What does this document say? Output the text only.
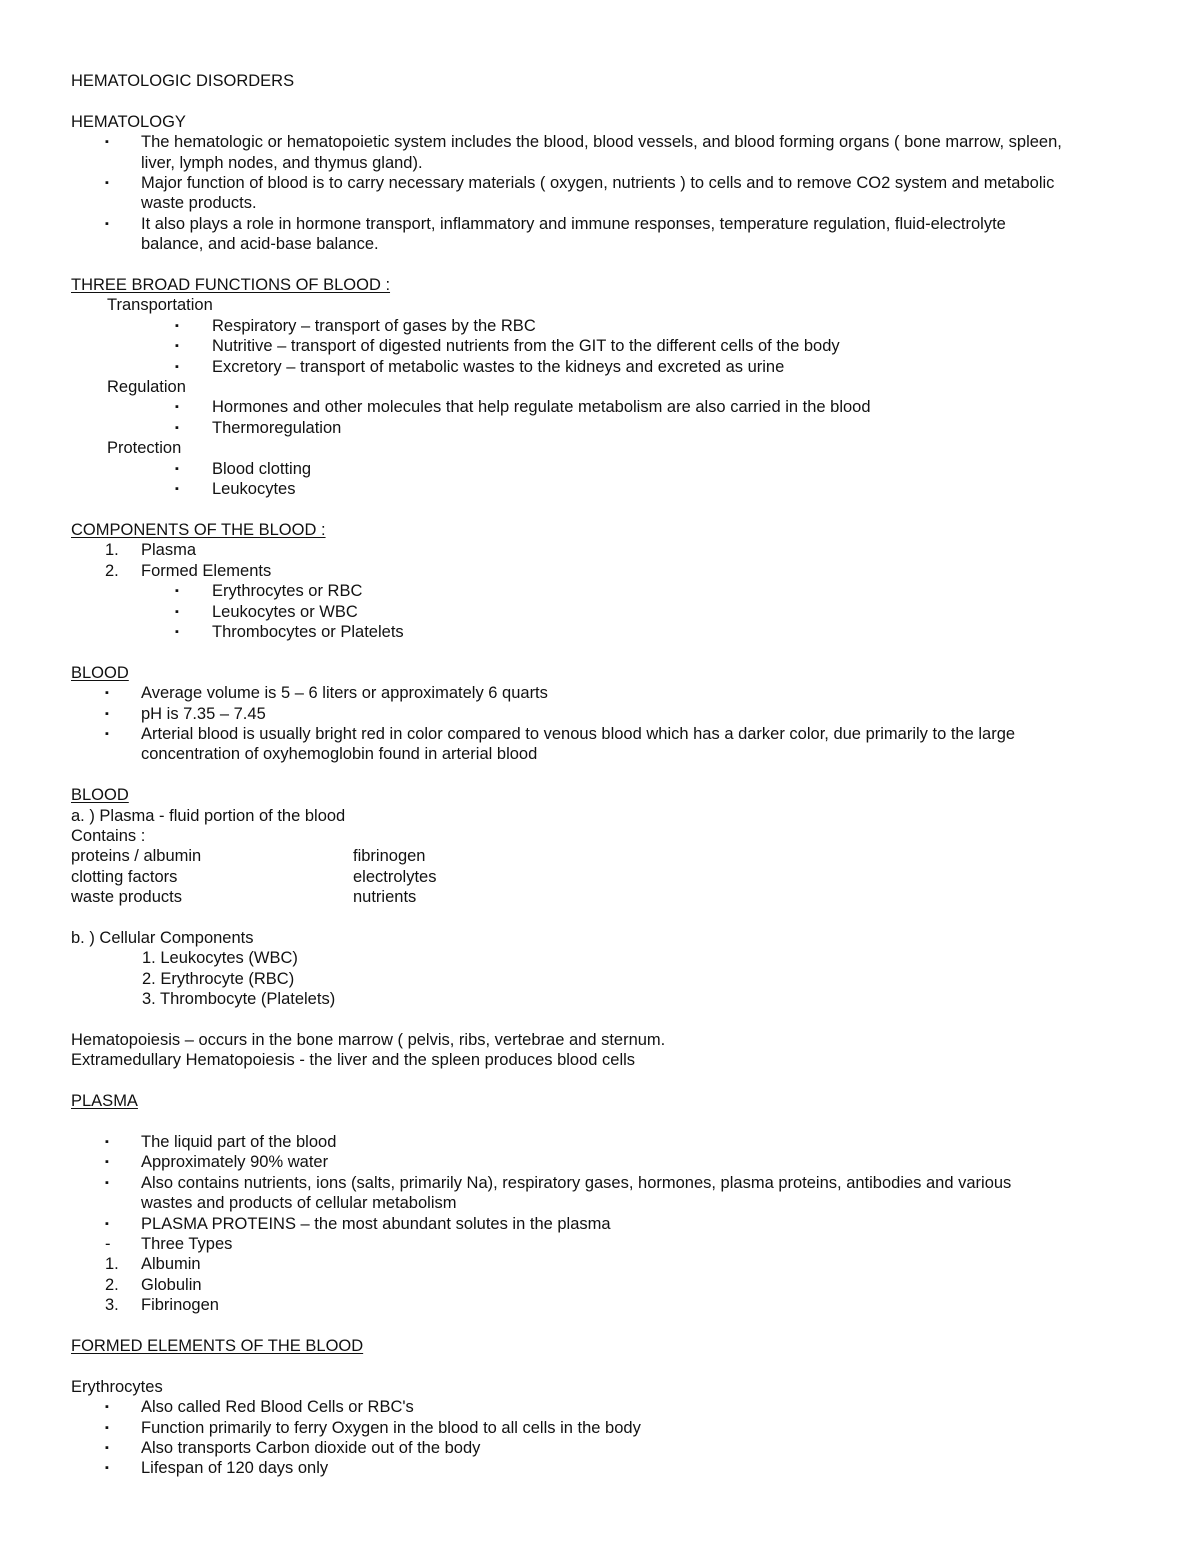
HEMATOLOGIC DISORDERS
HEMATOLOGY
▪ The hematologic or hematopoietic system includes the blood, blood vessels, and blood forming organs ( bone marrow, spleen,
liver, lymph nodes, and thymus gland).
▪ Major function of blood is to carry necessary materials ( oxygen, nutrients ) to cells and to remove CO2 system and metabolic
waste products.
▪ It also plays a role in hormone transport, inflammatory and immune responses, temperature regulation, fluid-electrolyte
balance, and acid-base balance.
THREE BROAD FUNCTIONS OF BLOOD :
Transportation
▪ Respiratory – transport of gases by the RBC
▪ Nutritive – transport of digested nutrients from the GIT to the different cells of the body
▪ Excretory – transport of metabolic wastes to the kidneys and excreted as urine
Regulation
▪ Hormones and other molecules that help regulate metabolism are also carried in the blood
▪ Thermoregulation
Protection
▪ Blood clotting
▪ Leukocytes
COMPONENTS OF THE BLOOD :
1. Plasma
2. Formed Elements
▪ Erythrocytes or RBC
▪ Leukocytes or WBC
▪ Thrombocytes or Platelets
BLOOD
▪ Average volume is 5 – 6 liters or approximately 6 quarts
▪ pH is 7.35 – 7.45
▪ Arterial blood is usually bright red in color compared to venous blood which has a darker color, due primarily to the large
concentration of oxyhemoglobin found in arterial blood
BLOOD
a. ) Plasma - fluid portion of the blood
Contains :
proteins / albumin	fibrinogen
clotting factors	electrolytes
waste products	nutrients
b. ) Cellular Components
1. Leukocytes (WBC)
2. Erythrocyte (RBC)
3. Thrombocyte (Platelets)
Hematopoiesis – occurs in the bone marrow ( pelvis, ribs, vertebrae and sternum.
Extramedullary Hematopoiesis - the liver and the spleen produces blood cells
PLASMA
▪ The liquid part of the blood
▪ Approximately 90% water
▪ Also contains nutrients, ions (salts, primarily Na), respiratory gases, hormones, plasma proteins, antibodies and various
wastes and products of cellular metabolism
▪ PLASMA PROTEINS – the most abundant solutes in the plasma
- Three Types
1. Albumin
2. Globulin
3. Fibrinogen
FORMED ELEMENTS OF THE BLOOD
Erythrocytes
▪ Also called Red Blood Cells or RBC's
▪ Function primarily to ferry Oxygen in the blood to all cells in the body
▪ Also transports Carbon dioxide out of the body
▪ Lifespan of 120 days only
